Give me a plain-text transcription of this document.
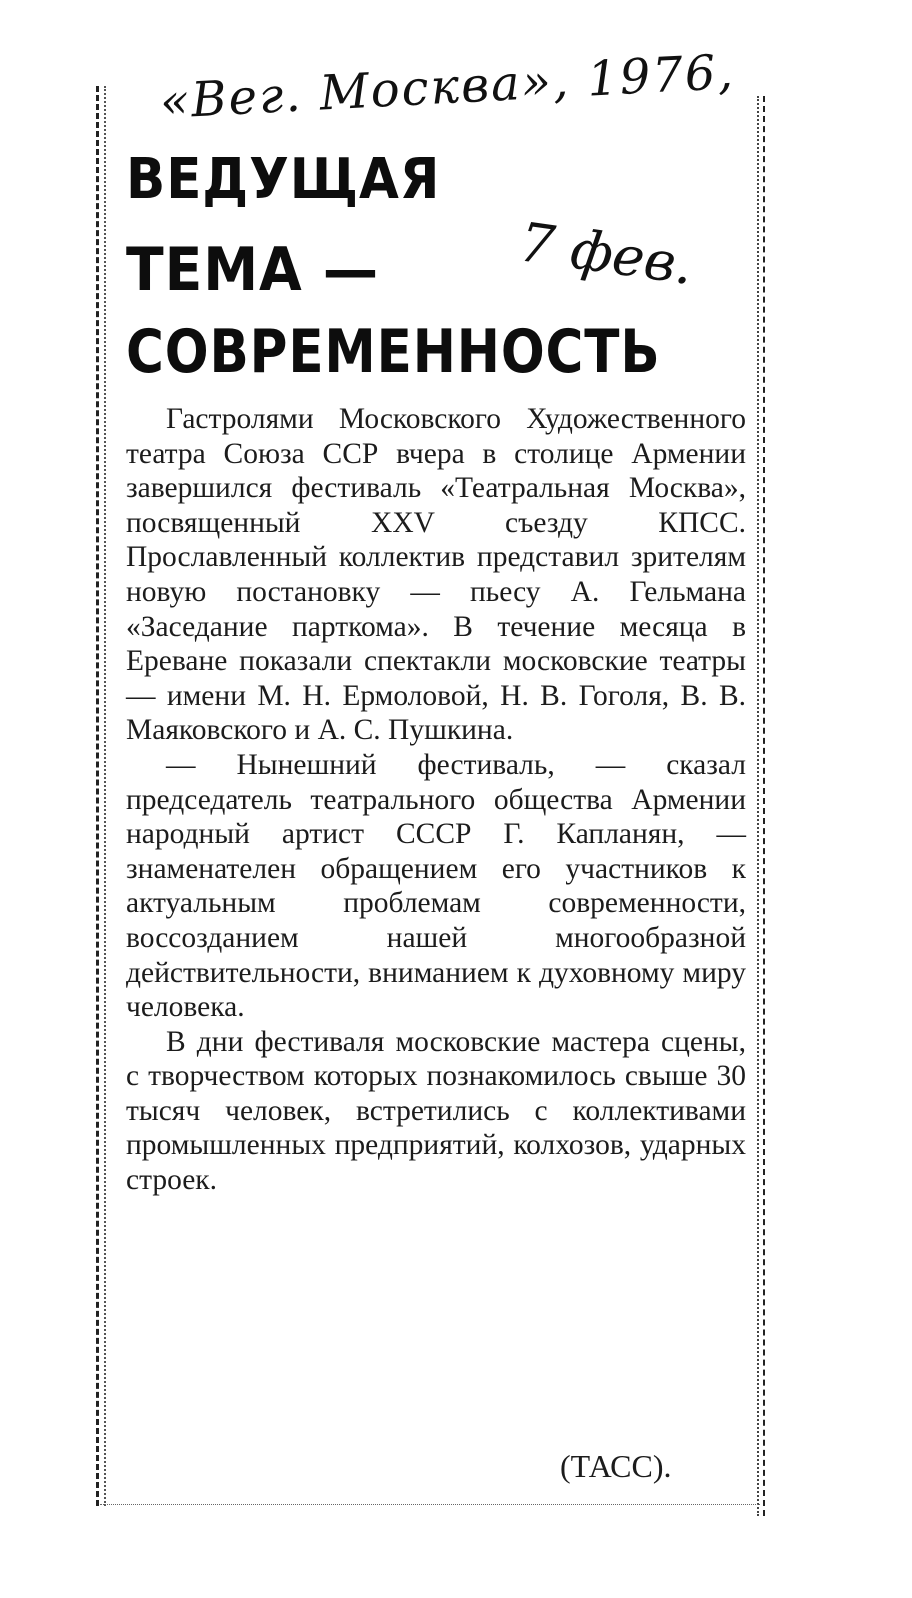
«Вег. Москва», 1976,
7 фев.
ВЕДУЩАЯ
ТЕМА —
СОВРЕМЕННОСТЬ

Гастролями Московского Художественного театра Союза ССР вчера в столице Армении завершился фестиваль «Театральная Москва», посвященный XXV съезду КПСС. Прославленный коллектив представил зрителям новую постановку — пьесу А. Гельмана «Заседание парткома». В течение месяца в Ереване показали спектакли московские театры — имени М. Н. Ермоловой, Н. В. Гоголя, В. В. Маяковского и А. С. Пушкина.

— Нынешний фестиваль, — сказал председатель театрального общества Армении народный артист СССР Г. Капланян, — знаменателен обращением его участников к актуальным проблемам современности, воссозданием нашей многообразной действительности, вниманием к духовному миру человека.

В дни фестиваля московские мастера сцены, с творчеством которых познакомилось свыше 30 тысяч человек, встретились с коллективами промышленных предприятий, колхозов, ударных строек.

(ТАСС).
